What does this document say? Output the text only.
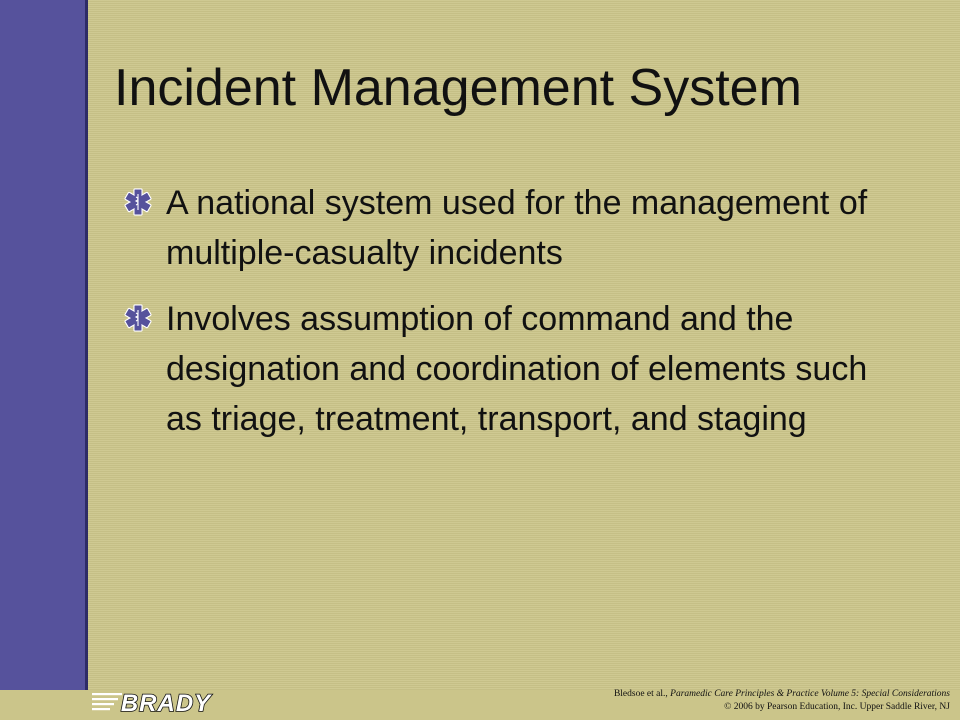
Incident Management System
A national system used for the management of multiple-casualty incidents
Involves assumption of command and the designation and coordination of elements such as triage, treatment, transport, and staging
BRADY	Bledsoe et al., Paramedic Care Principles & Practice Volume 5: Special Considerations
© 2006 by Pearson Education, Inc. Upper Saddle River, NJ
